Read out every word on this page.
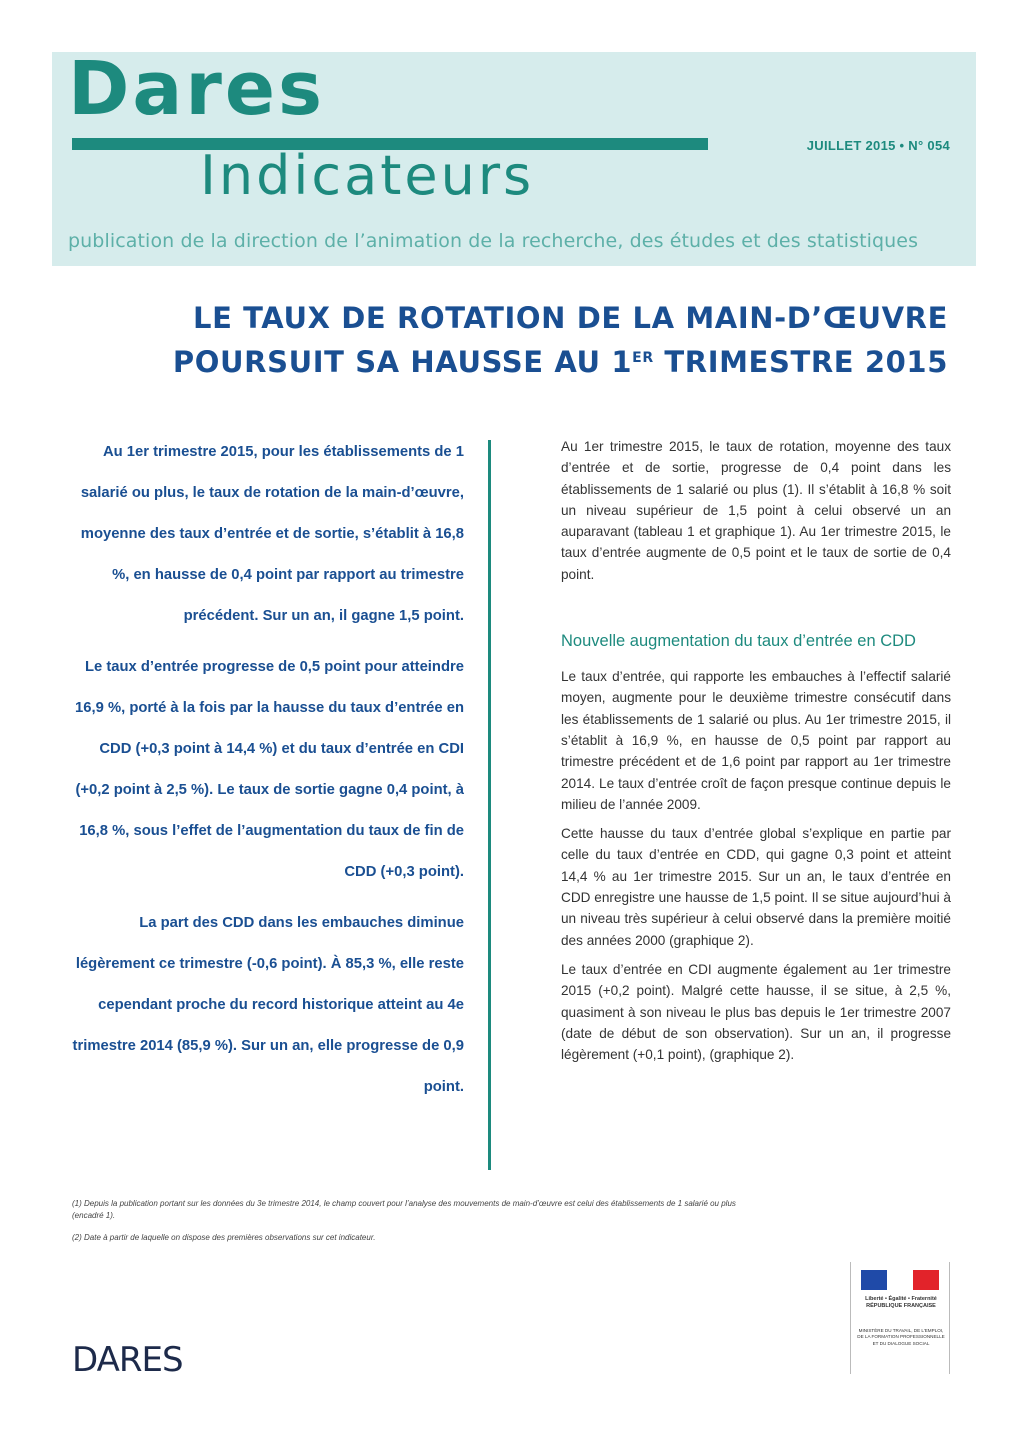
Dares
Indicateurs	JUILLET 2015 • N° 054
publication de la direction de l’animation de la recherche, des études et des statistiques
LE TAUX DE ROTATION DE LA MAIN-D’ŒUVRE
POURSUIT SA HAUSSE AU 1ER TRIMESTRE 2015

Au 1er trimestre 2015, pour les établissements de 1 salarié ou plus, le taux de rotation de la main-d’œuvre, moyenne des taux d’entrée et de sortie, s’établit à 16,8 %, en hausse de 0,4 point par rapport au trimestre précédent. Sur un an, il gagne 1,5 point.

Le taux d’entrée progresse de 0,5 point pour atteindre 16,9 %, porté à la fois par la hausse du taux d’entrée en CDD (+0,3 point à 14,4 %) et du taux d’entrée en CDI (+0,2 point à 2,5 %). Le taux de sortie gagne 0,4 point, à 16,8 %, sous l’effet de l’augmentation du taux de fin de CDD (+0,3 point).

La part des CDD dans les embauches diminue légèrement ce trimestre (-0,6 point). À 85,3 %, elle reste cependant proche du record historique atteint au 4e trimestre 2014 (85,9 %). Sur un an, elle progresse de 0,9 point.

Au 1er trimestre 2015, le taux de rotation, moyenne des taux d’entrée et de sortie, progresse de 0,4 point dans les établissements de 1 salarié ou plus (1). Il s’établit à 16,8 % soit un niveau supérieur de 1,5 point à celui observé un an auparavant (tableau 1 et graphique 1). Au 1er trimestre 2015, le taux d’entrée augmente de 0,5 point et le taux de sortie de 0,4 point.

Nouvelle augmentation du taux d’entrée en CDD

Le taux d’entrée, qui rapporte les embauches à l’effectif salarié moyen, augmente pour le deuxième trimestre consécutif dans les établissements de 1 salarié ou plus. Au 1er trimestre 2015, il s’établit à 16,9 %, en hausse de 0,5 point par rapport au trimestre précédent et de 1,6 point par rapport au 1er trimestre 2014. Le taux d’entrée croît de façon presque continue depuis le milieu de l’année 2009.

Cette hausse du taux d’entrée global s’explique en partie par celle du taux d’entrée en CDD, qui gagne 0,3 point et atteint 14,4 % au 1er trimestre 2015. Sur un an, le taux d’entrée en CDD enregistre une hausse de 1,5 point. Il se situe aujourd’hui à un niveau très supérieur à celui observé dans la première moitié des années 2000 (graphique 2).

Le taux d’entrée en CDI augmente également au 1er trimestre 2015 (+0,2 point). Malgré cette hausse, il se situe, à 2,5 %, quasiment à son niveau le plus bas depuis le 1er trimestre 2007 (date de début de son observation). Sur un an, il progresse légèrement (+0,1 point), (graphique 2).

(1) Depuis la publication portant sur les données du 3e trimestre 2014, le champ couvert pour l’analyse des mouvements de main-d’œuvre est celui des établissements de 1 salarié ou plus (encadré 1).

(2) Date à partir de laquelle on dispose des premières observations sur cet indicateur.

DARES
Liberté • Égalité • Fraternité
RÉPUBLIQUE FRANÇAISE
MINISTÈRE DU TRAVAIL, DE L’EMPLOI, DE LA FORMATION PROFESSIONNELLE ET DU DIALOGUE SOCIAL
